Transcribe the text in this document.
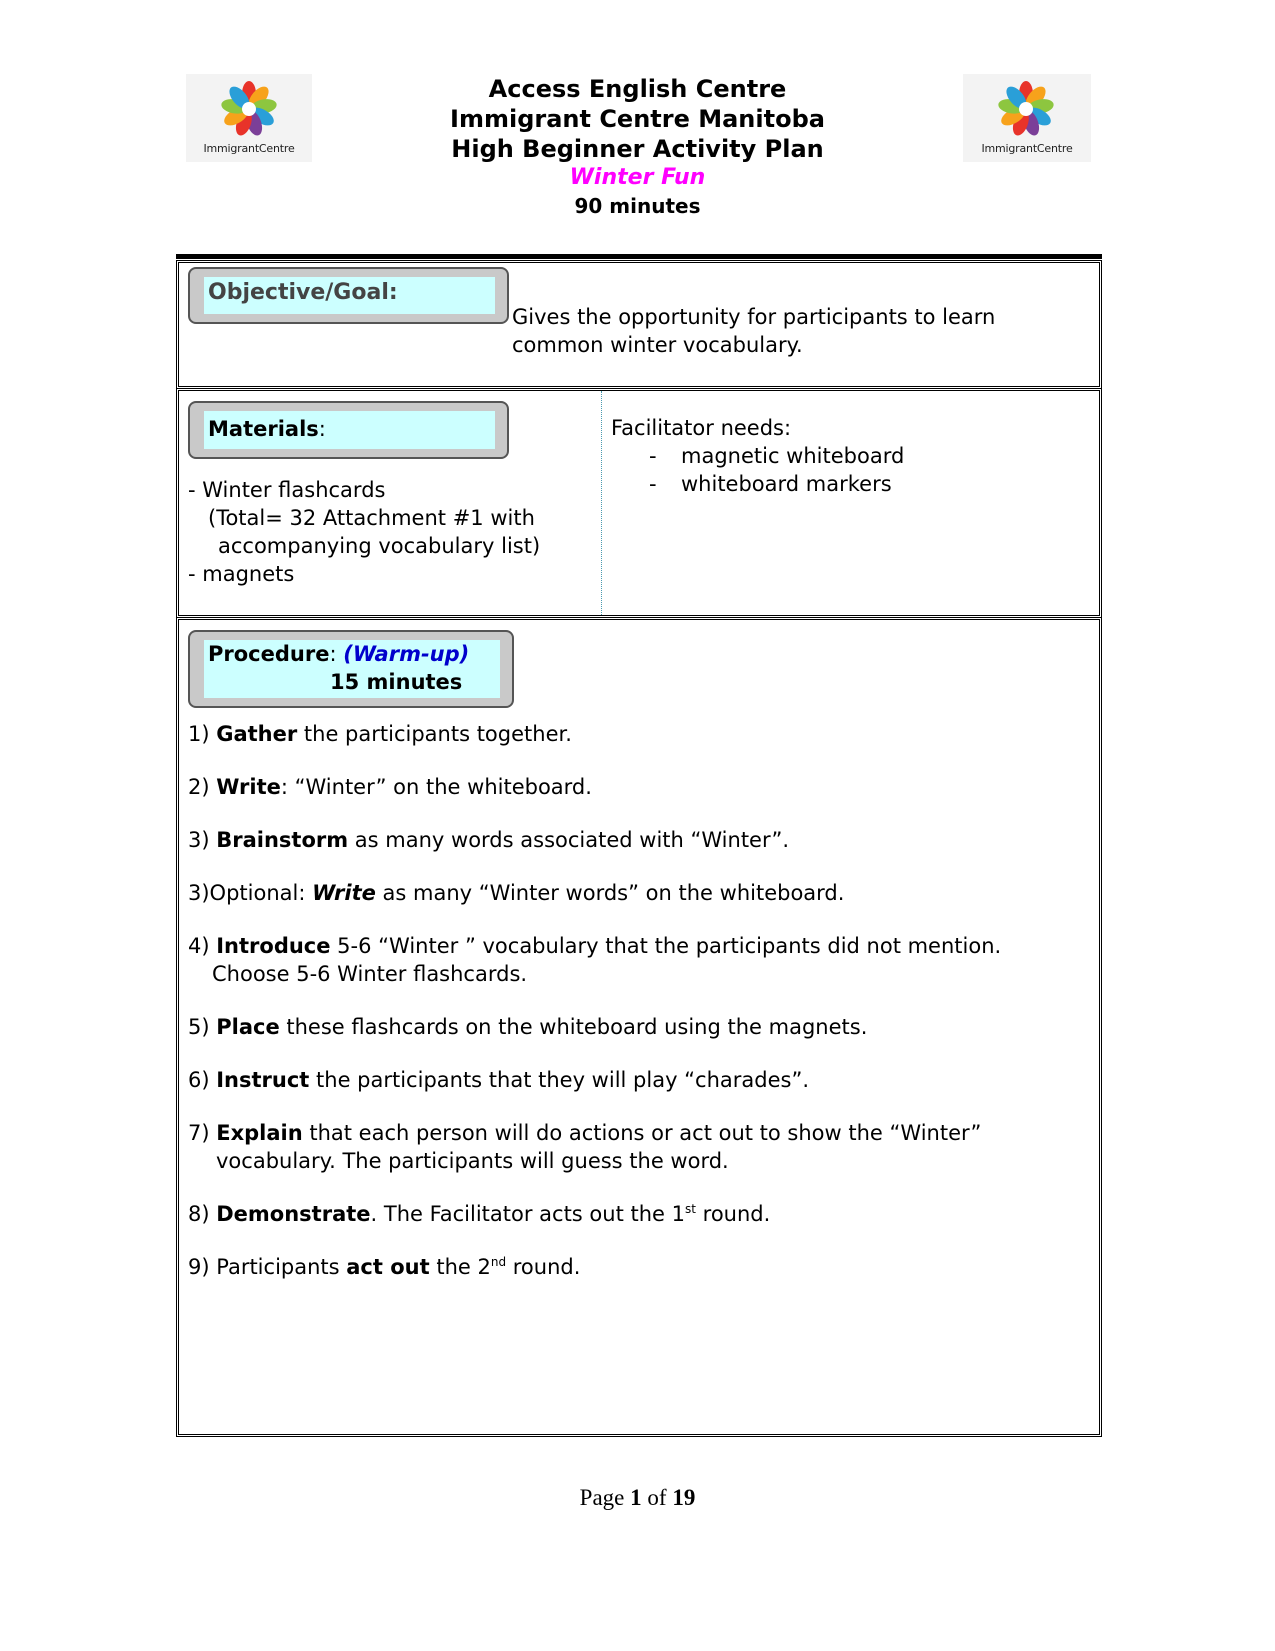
ImmigrantCentre	ImmigrantCentre
Access English Centre
Immigrant Centre Manitoba
High Beginner Activity Plan
Winter Fun
90 minutes
Objective/Goal:
Gives the opportunity for participants to learn common winter vocabulary.
Materials:
- Winter flashcards
(Total= 32 Attachment #1 with
accompanying vocabulary list)
- magnets
Facilitator needs:
-	magnetic whiteboard
-	whiteboard markers
Procedure: (Warm-up)
15 minutes
1) Gather the participants together.
2) Write: “Winter” on the whiteboard.
3) Brainstorm as many words associated with “Winter”.
3)Optional: Write as many “Winter words” on the whiteboard.
4) Introduce 5-6 “Winter ” vocabulary that the participants did not mention.
Choose 5-6 Winter flashcards.
5) Place these flashcards on the whiteboard using the magnets.
6) Instruct the participants that they will play “charades”.
7) Explain that each person will do actions or act out to show the “Winter”
vocabulary. The participants will guess the word.
8) Demonstrate. The Facilitator acts out the 1st round.
9) Participants act out the 2nd round.
Page 1 of 19
